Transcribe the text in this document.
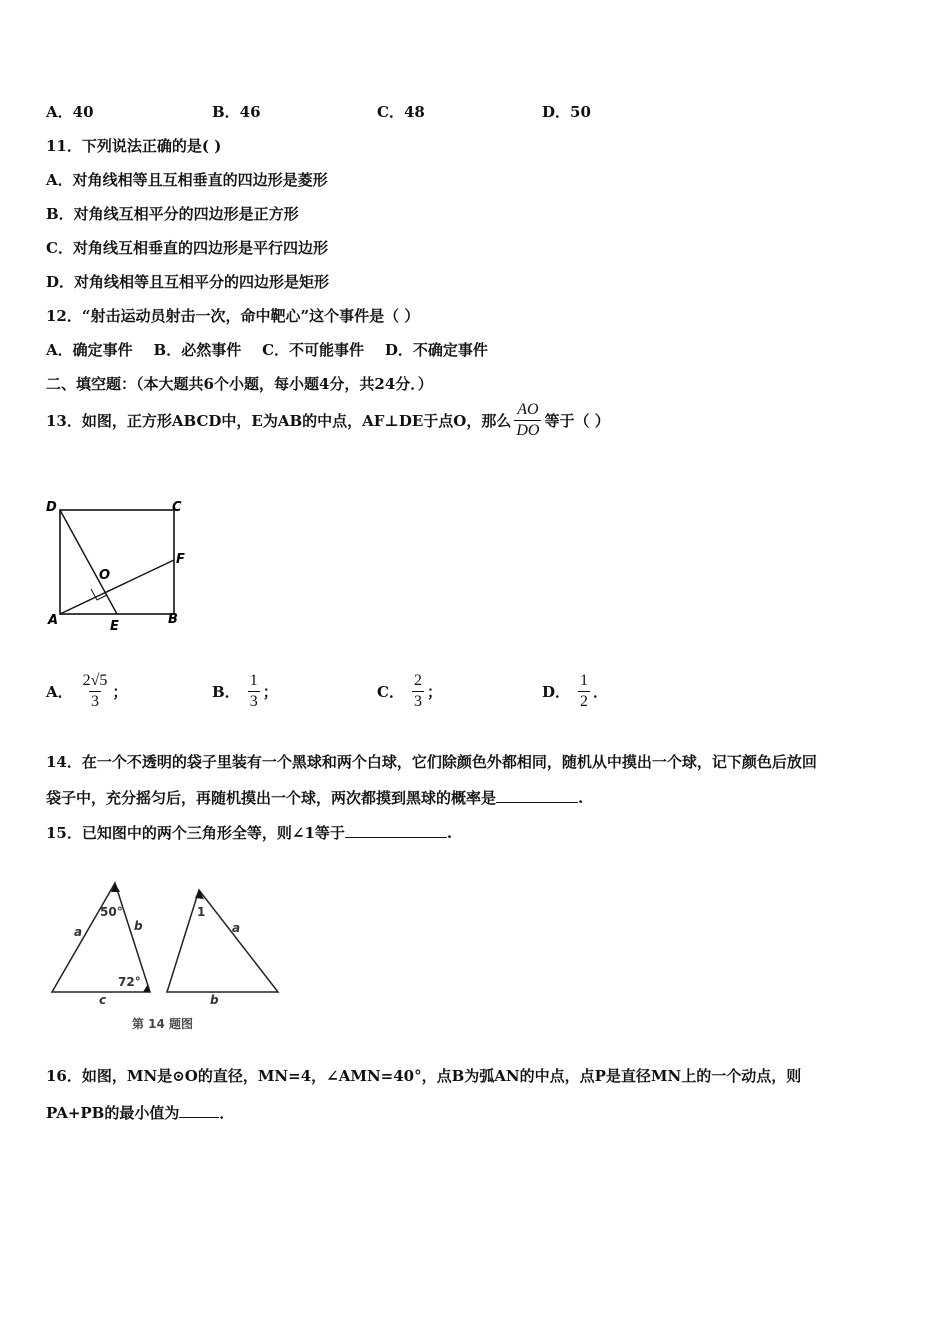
A．40	B．46	C．48	D．50
11．下列说法正确的是( )
A．对角线相等且互相垂直的四边形是菱形
B．对角线互相平分的四边形是正方形
C．对角线互相垂直的四边形是平行四边形
D．对角线相等且互相平分的四边形是矩形
12．“射击运动员射击一次，命中靶心”这个事件是（ ）
A．确定事件    B．必然事件    C．不可能事件    D．不确定事件
二、填空题：（本大题共6个小题，每小题4分，共24分．）
13．如图，正方形ABCD中，E为AB的中点，AF⊥DE于点O，那么 $\frac{AO}{DO}$ 等于（ ）
D	C
F
O
A	E	B
A． $\frac{2√5}{3}$ ；	B． $\frac{1}{3}$ ；	C． $\frac{2}{3}$ ；	D． $\frac{1}{2}$ ．
14．在一个不透明的袋子里装有一个黑球和两个白球，它们除颜色外都相同，随机从中摸出一个球，记下颜色后放回
袋子中，充分摇匀后，再随机摸出一个球，两次都摸到黑球的概率是	.
15．已知图中的两个三角形全等，则∠1等于	.
50°
72°
a	b
c
1
a
b
第 14 题图
16．如图，MN是⊙O的直径，MN=4，∠AMN=40°，点B为弧AN的中点，点P是直径MN上的一个动点，则
PA+PB的最小值为	．
